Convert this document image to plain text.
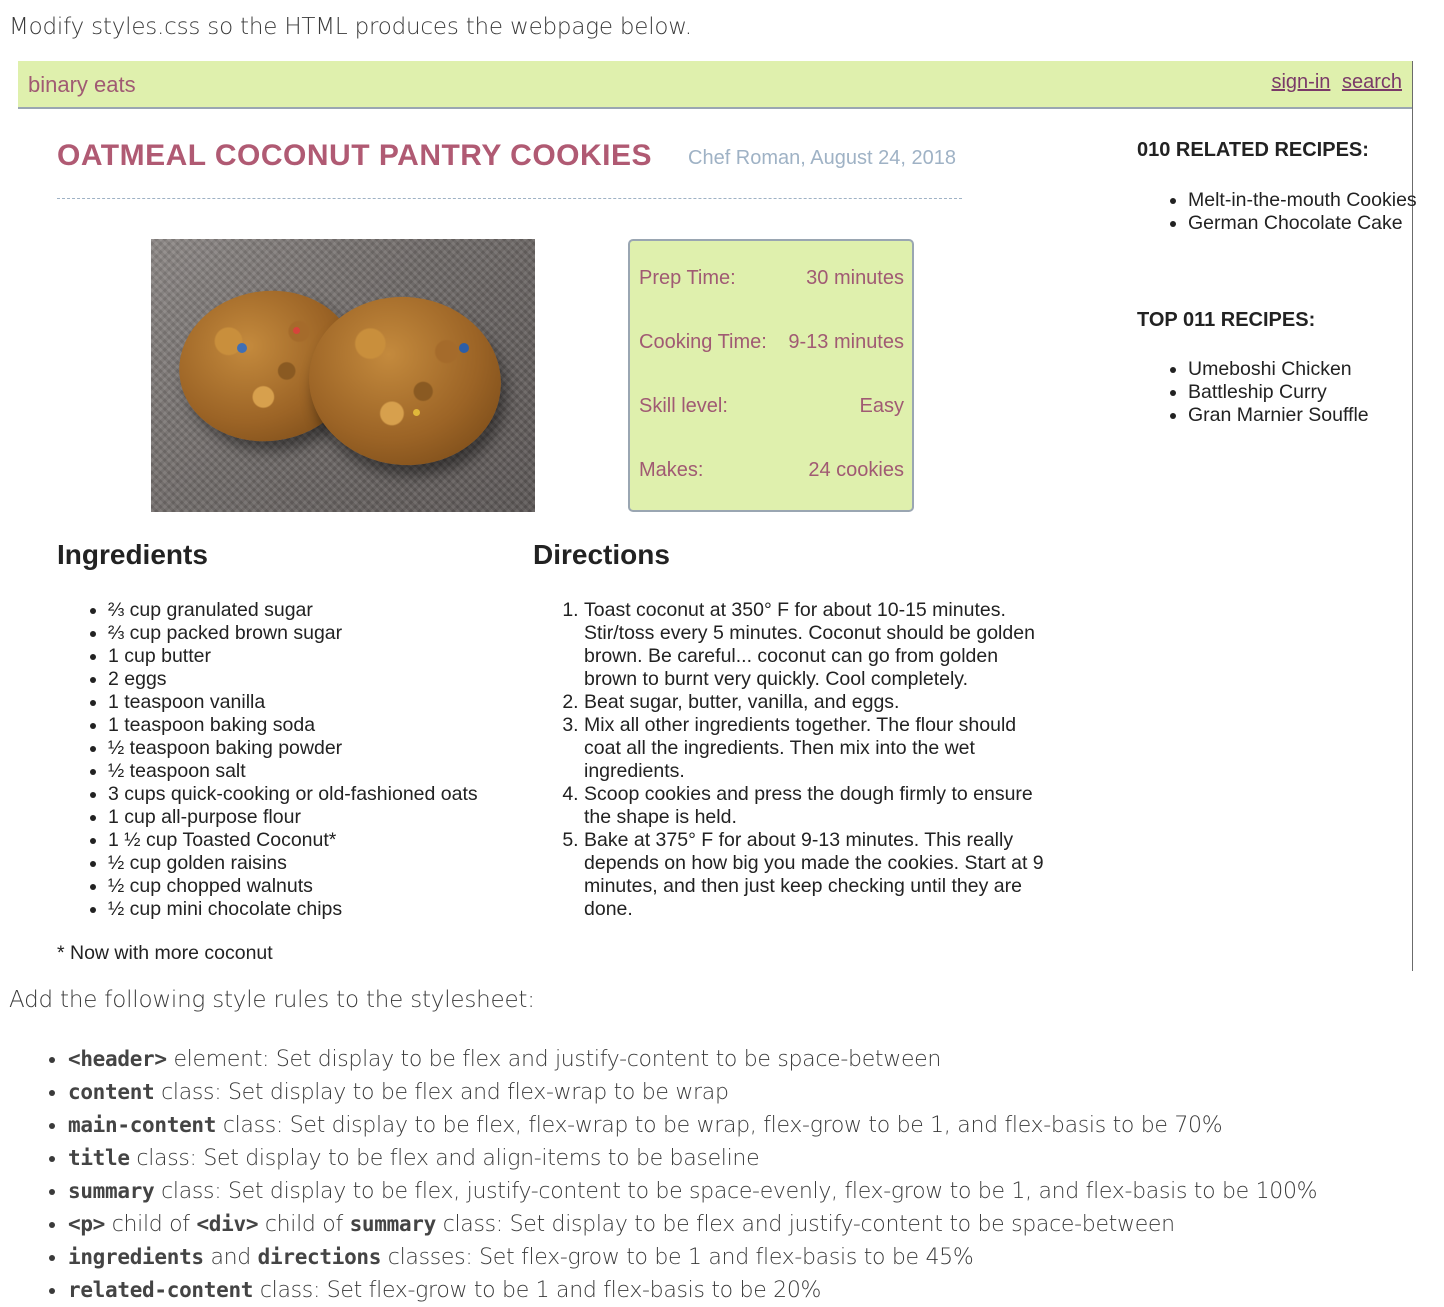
Modify styles.css so the HTML produces the webpage below.
binary eats	sign-in search
OATMEAL COCONUT PANTRY COOKIES Chef Roman, August 24, 2018
Prep Time:	30 minutes
Cooking Time: 9-13 minutes
Skill level:	Easy
Makes:	24 cookies
Ingredients
• ⅔ cup granulated sugar
• ⅔ cup packed brown sugar
• 1 cup butter
• 2 eggs
• 1 teaspoon vanilla
• 1 teaspoon baking soda
• ½ teaspoon baking powder
• ½ teaspoon salt
• 3 cups quick-cooking or old-fashioned oats
• 1 cup all-purpose flour
• 1 ½ cup Toasted Coconut*
• ½ cup golden raisins
• ½ cup chopped walnuts
• ½ cup mini chocolate chips
* Now with more coconut
Directions
1. Toast coconut at 350° F for about 10-15 minutes. Stir/toss every 5 minutes. Coconut should be golden brown. Be careful... coconut can go from golden brown to burnt very quickly. Cool completely.
2. Beat sugar, butter, vanilla, and eggs.
3. Mix all other ingredients together. The flour should coat all the ingredients. Then mix into the wet ingredients.
4. Scoop cookies and press the dough firmly to ensure the shape is held.
5. Bake at 375° F for about 9-13 minutes. This really depends on how big you made the cookies. Start at 9 minutes, and then just keep checking until they are done.
010 RELATED RECIPES:
• Melt-in-the-mouth Cookies
• German Chocolate Cake
TOP 011 RECIPES:
• Umeboshi Chicken
• Battleship Curry
• Gran Marnier Souffle
Add the following style rules to the stylesheet:
• <header> element: Set display to be flex and justify-content to be space-between
• content class: Set display to be flex and flex-wrap to be wrap
• main-content class: Set display to be flex, flex-wrap to be wrap, flex-grow to be 1, and flex-basis to be 70%
• title class: Set display to be flex and align-items to be baseline
• summary class: Set display to be flex, justify-content to be space-evenly, flex-grow to be 1, and flex-basis to be 100%
• <p> child of <div> child of summary class: Set display to be flex and justify-content to be space-between
• ingredients and directions classes: Set flex-grow to be 1 and flex-basis to be 45%
• related-content class: Set flex-grow to be 1 and flex-basis to be 20%
